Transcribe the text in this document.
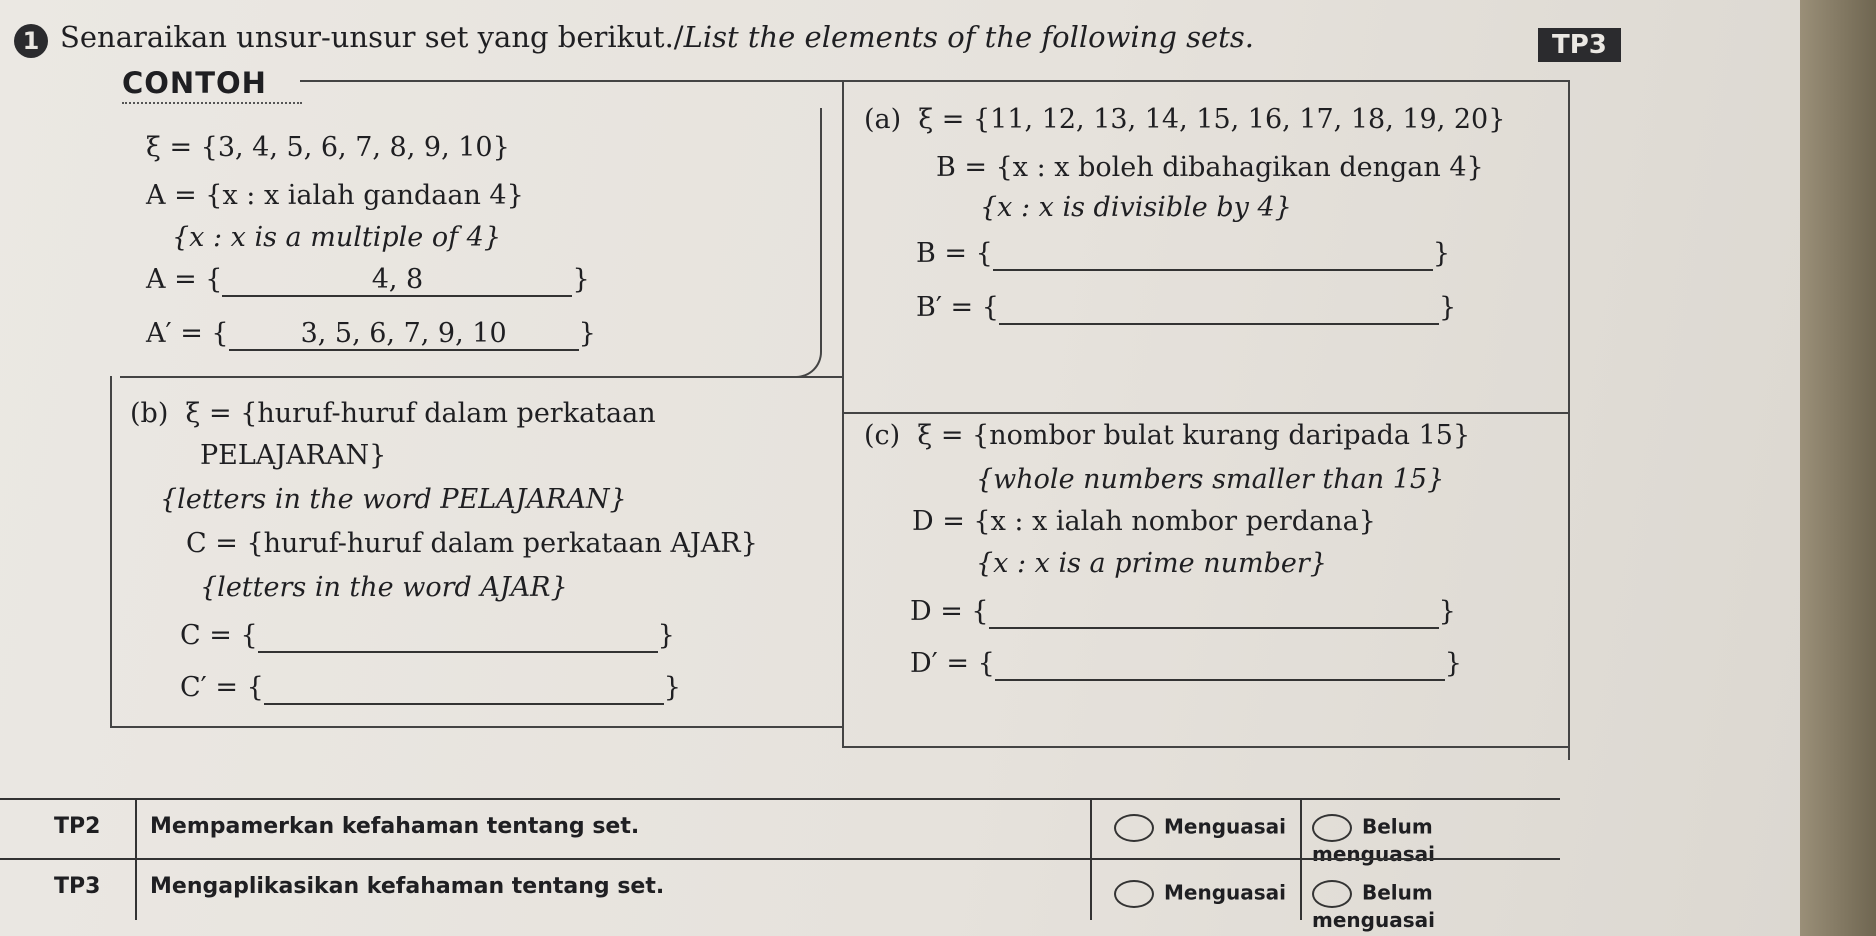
1 Senaraikan unsur-unsur set yang berikut./List the elements of the following sets.	TP3
CONTOH
ξ = {3, 4, 5, 6, 7, 8, 9, 10}
A = {x : x ialah gandaan 4}
{x : x is a multiple of 4}
A = {	4, 8	}
A′ = {	3, 5, 6, 7, 9, 10	}
(a) ξ = {11, 12, 13, 14, 15, 16, 17, 18, 19, 20}
B = {x : x boleh dibahagikan dengan 4}
{x : x is divisible by 4}
B = {	}
B′ = {	}
(b) ξ = {huruf-huruf dalam perkataan
PELAJARAN}
{letters in the word PELAJARAN}
C = {huruf-huruf dalam perkataan AJAR}
{letters in the word AJAR}
C = {	}
C′ = {	}
(c) ξ = {nombor bulat kurang daripada 15}
{whole numbers smaller than 15}
D = {x : x ialah nombor perdana}
{x : x is a prime number}
D = {	}
D′ = {	}
TP2 Mempamerkan kefahaman tentang set.	Menguasai	Belum menguasai
TP3 Mengaplikasikan kefahaman tentang set.	Menguasai	Belum menguasai
